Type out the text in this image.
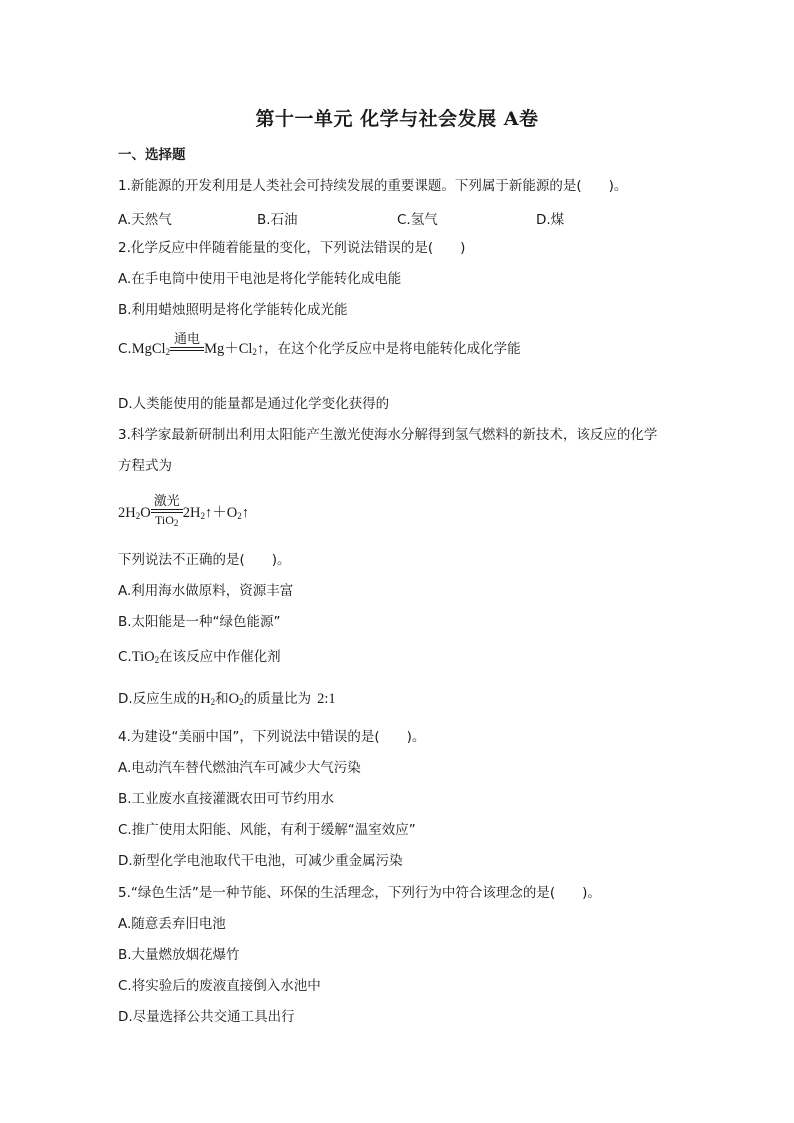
第十一单元 化学与社会发展 A卷
一、选择题
1.新能源的开发利用是人类社会可持续发展的重要课题。下列属于新能源的是(　　)。
A.天然气	B.石油	C.氢气	D.煤
2.化学反应中伴随着能量的变化，下列说法错误的是(　　)
A.在手电筒中使用干电池是将化学能转化成电能
B.利用蜡烛照明是将化学能转化成光能
C.MgCl$_2$
通电

$Mg+Cl_2↑$，在这个化学反应中是将电能转化成化学能
D.人类能使用的能量都是通过化学变化获得的
3.科学家最新研制出利用太阳能产生激光使海水分解得到氢气燃料的新技术，该反应的化学
方程式为
$2H_2O$
激光
TiO$_2$
$2H_2↑+O_2↑$
下列说法不正确的是(　　)。
A.利用海水做原料，资源丰富
B.太阳能是一种“绿色能源”
C.TiO$_2$在该反应中作催化剂
D.反应生成的$H_2$和$O_2$的质量比为 2:1
4.为建设“美丽中国”，下列说法中错误的是(　　)。
A.电动汽车替代燃油汽车可减少大气污染
B.工业废水直接灌溉农田可节约用水
C.推广使用太阳能、风能，有利于缓解“温室效应”
D.新型化学电池取代干电池，可减少重金属污染
5.“绿色生活”是一种节能、环保的生活理念，下列行为中符合该理念的是(　　)。
A.随意丢弃旧电池
B.大量燃放烟花爆竹
C.将实验后的废液直接倒入水池中
D.尽量选择公共交通工具出行
